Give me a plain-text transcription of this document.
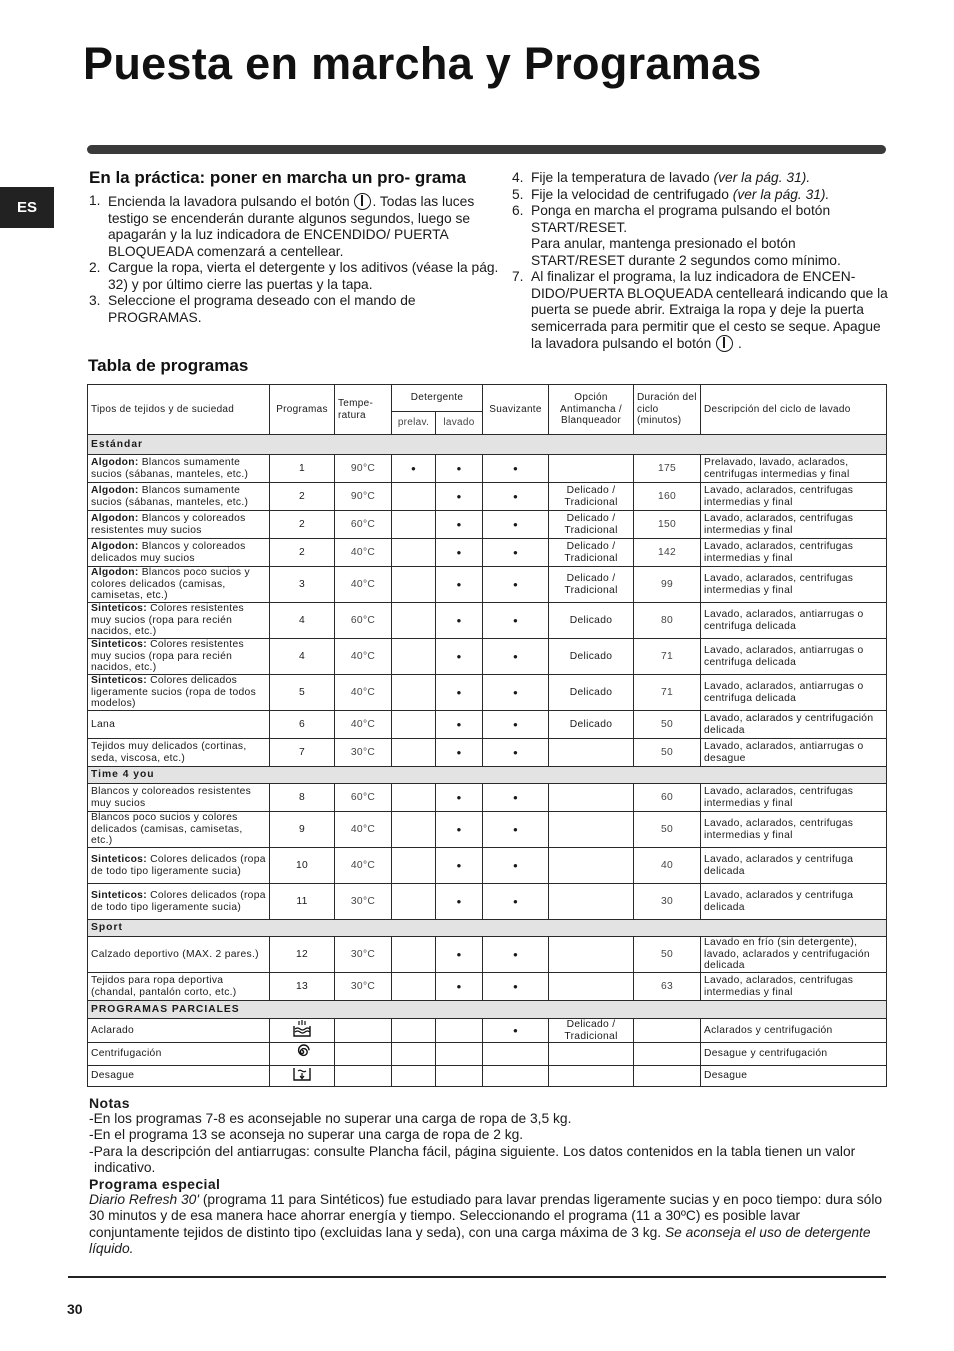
Puesta en marcha y Programas
ES
En la práctica: poner en marcha un pro- grama
1. Encienda la lavadora pulsando el botón . Todas las luces testigo se encenderán durante algunos segundos, luego se apagarán y la luz indicadora de ENCENDIDO/ PUERTA BLOQUEADA comenzará a centellear.
2. Cargue la ropa, vierta el detergente y los aditivos (véase la pág. 32) y por último cierre las puertas y la tapa.
3. Seleccione el programa deseado con el mando de PROGRAMAS.
4. Fije la temperatura de lavado (ver la pág. 31).
5. Fije la velocidad de centrifugado (ver la pág. 31).
6. Ponga en marcha el programa pulsando el botón START/RESET.
Para anular, mantenga presionado el botón START/RESET durante 2 segundos como mínimo.
7. Al finalizar el programa, la luz indicadora de ENCEN- DIDO/PUERTA BLOQUEADA centelleará indicando que la puerta se puede abrir. Extraiga la ropa y deje la puerta semicerrada para permitir que el cesto se seque. Apague la lavadora pulsando el botón .
Tabla de programas
Tipos de tejidos y de suciedad	Programas	Tempe- ratura	Detergente		Suavizante	Opción Antimancha / Blanqueador	Duración del ciclo (minutos)	Descripción del ciclo de lavado
			prelav.	lavado				
Estándar								
Algodon: Blancos sumamente sucios (sábanas, manteles, etc.)	1	90°C	•	•	•		175	Prelavado, lavado, aclarados, centrifugas intermedias y final
Algodon: Blancos sumamente sucios (sábanas, manteles, etc.)	2	90°C		•	•	Delicado / Tradicional	160	Lavado, aclarados, centrifugas intermedias y final
Algodon: Blancos y coloreados resistentes muy sucios	2	60°C		•	•	Delicado / Tradicional	150	Lavado, aclarados, centrifugas intermedias y final
Algodon: Blancos y coloreados delicados muy sucios	2	40°C		•	•	Delicado / Tradicional	142	Lavado, aclarados, centrifugas intermedias y final
Algodon: Blancos poco sucios y colores delicados (camisas, camisetas, etc.)	3	40°C		•	•	Delicado / Tradicional	99	Lavado, aclarados, centrifugas intermedias y final
Sinteticos: Colores resistentes muy sucios (ropa para recién nacidos, etc.)	4	60°C		•	•	Delicado	80	Lavado, aclarados, antiarrugas o centrifuga delicada
Sinteticos: Colores resistentes muy sucios (ropa para recién nacidos, etc.)	4	40°C		•	•	Delicado	71	Lavado, aclarados, antiarrugas o centrifuga delicada
Sinteticos: Colores delicados ligeramente sucios (ropa de todos modelos)	5	40°C		•	•	Delicado	71	Lavado, aclarados, antiarrugas o centrifuga delicada
Lana	6	40°C		•	•	Delicado	50	Lavado, aclarados y centrifugación delicada
Tejidos muy delicados (cortinas, seda, viscosa, etc.)	7	30°C		•	•		50	Lavado, aclarados, antiarrugas o desague
Time 4 you								
Blancos y coloreados resistentes muy sucios	8	60°C		•	•		60	Lavado, aclarados, centrifugas intermedias y final
Blancos poco sucios y colores delicados (camisas, camisetas, etc.)	9	40°C		•	•		50	Lavado, aclarados, centrifugas intermedias y final
Sinteticos: Colores delicados (ropa de todo tipo ligeramente sucia)	10	40°C		•	•		40	Lavado, aclarados y centrifuga delicada
Sinteticos: Colores delicados (ropa de todo tipo ligeramente sucia)	11	30°C		•	•		30	Lavado, aclarados y centrifuga delicada
Sport								
Calzado deportivo (MAX. 2 pares.)	12	30°C		•	•		50	Lavado en frío (sin detergente), lavado, aclarados y centrifugación delicada
Tejidos para ropa deportiva (chandal, pantalón corto, etc.)	13	30°C		•	•		63	Lavado, aclarados, centrifugas intermedias y final
PROGRAMAS PARCIALES								
Aclarado					•	Delicado / Tradicional		Aclarados y centrifugación
Centrifugación								Desague y centrifugación
Desague								Desague
Notas

-En los programas 7-8 es aconsejable no superar una carga de ropa de 3,5 kg.

-En el programa 13 se aconseja no superar una carga de ropa de 2 kg.

-Para la descripción del antiarrugas: consulte Plancha fácil, página siguiente. Los datos contenidos en la tabla tienen un valor indicativo.

Programa especial

Diario Refresh 30' (programa 11 para Sintéticos) fue estudiado para lavar prendas ligeramente sucias y en poco tiempo: dura sólo 30 minutos y de esa manera hace ahorrar energía y tiempo. Seleccionando el programa (11 a 30ºC) es posible lavar conjuntamente tejidos de distinto tipo (excluidas lana y seda), con una carga máxima de 3 kg. Se aconseja el uso de detergente líquido.

30
